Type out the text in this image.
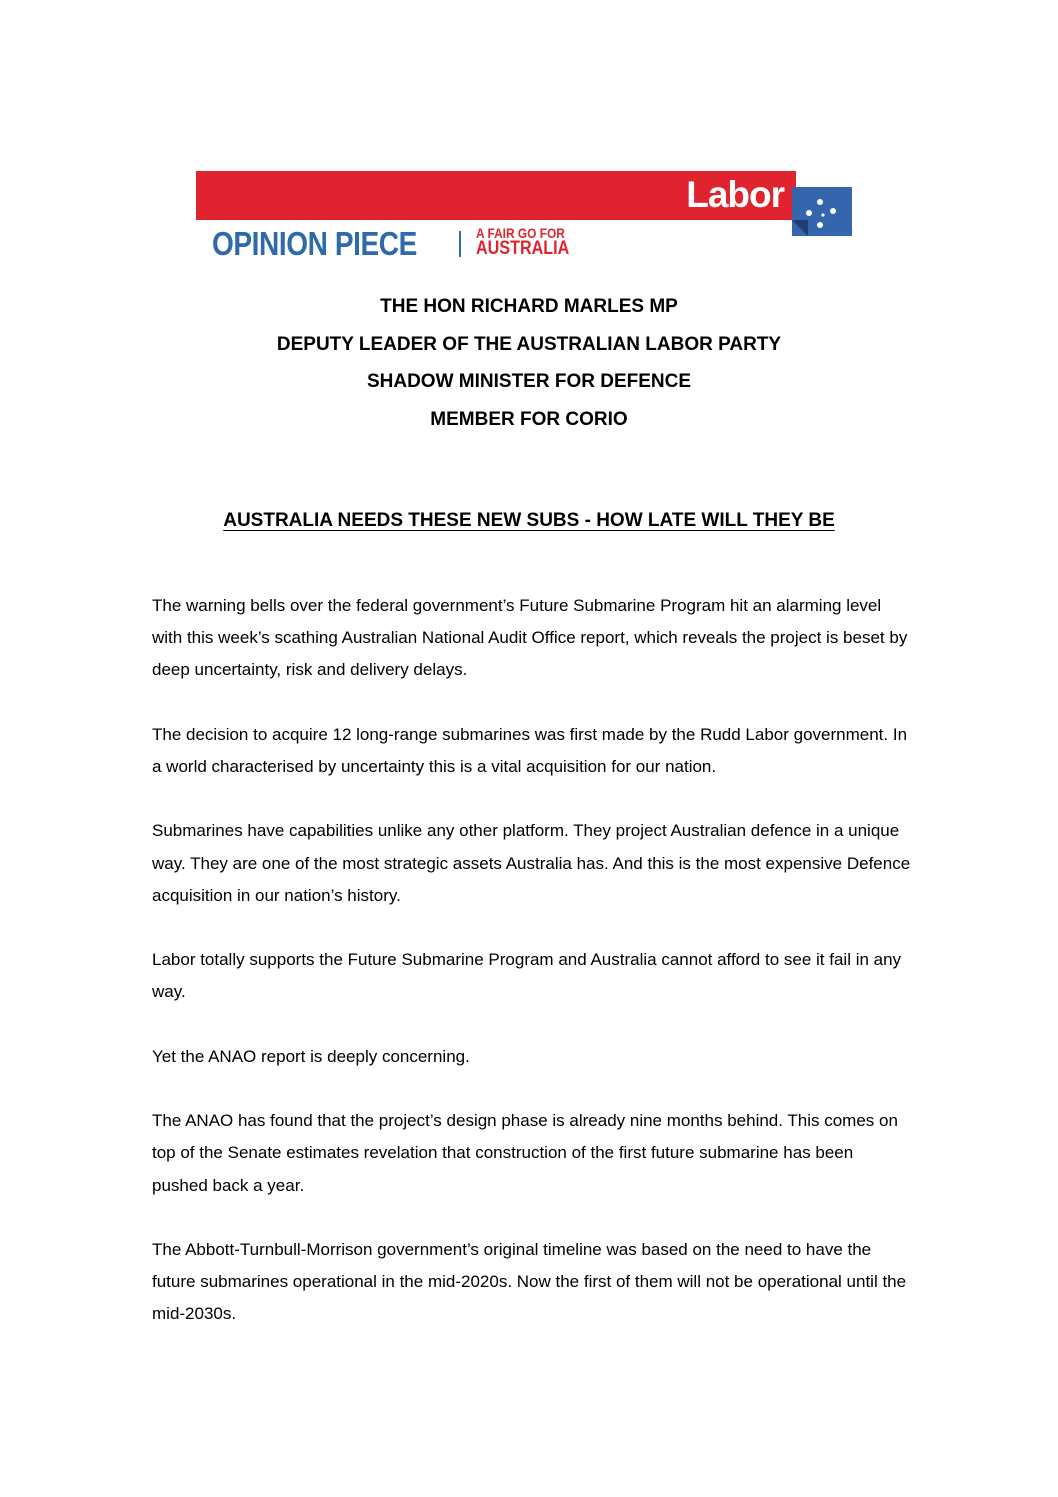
Labor
OPINION PIECE	A FAIR GO FOR
AUSTRALIA
THE HON RICHARD MARLES MP
DEPUTY LEADER OF THE AUSTRALIAN LABOR PARTY
SHADOW MINISTER FOR DEFENCE
MEMBER FOR CORIO
AUSTRALIA NEEDS THESE NEW SUBS - HOW LATE WILL THEY BE

The warning bells over the federal government’s Future Submarine Program hit an alarming level with this week’s scathing Australian National Audit Office report, which reveals the project is beset by deep uncertainty, risk and delivery delays.

The decision to acquire 12 long-range submarines was first made by the Rudd Labor government. In a world characterised by uncertainty this is a vital acquisition for our nation.

Submarines have capabilities unlike any other platform. They project Australian defence in a unique way. They are one of the most strategic assets Australia has. And this is the most expensive Defence acquisition in our nation’s history.

Labor totally supports the Future Submarine Program and Australia cannot afford to see it fail in any way.

Yet the ANAO report is deeply concerning.

The ANAO has found that the project’s design phase is already nine months behind. This comes on top of the Senate estimates revelation that construction of the first future submarine has been pushed back a year.

The Abbott-Turnbull-Morrison government’s original timeline was based on the need to have the future submarines operational in the mid-2020s. Now the first of them will not be operational until the mid-2030s.
